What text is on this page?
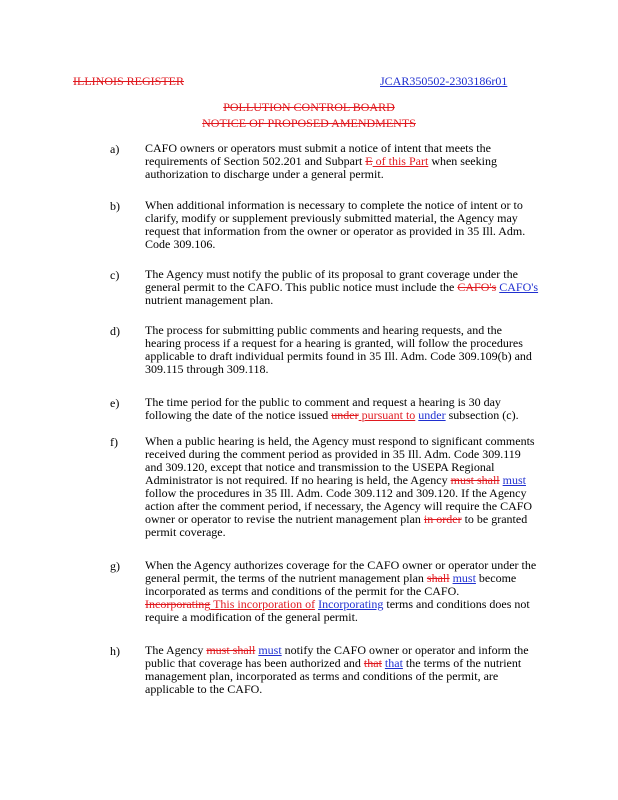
ILLINOIS REGISTER	JCAR350502-2303186r01
POLLUTION CONTROL BOARD
NOTICE OF PROPOSED AMENDMENTS
a) CAFO owners or operators must submit a notice of intent that meets the
requirements of Section 502.201 and Subpart E of this Part when seeking
authorization to discharge under a general permit.
b) When additional information is necessary to complete the notice of intent or to
clarify, modify or supplement previously submitted material, the Agency may
request that information from the owner or operator as provided in 35 Ill. Adm.
Code 309.106.
c) The Agency must notify the public of its proposal to grant coverage under the
general permit to the CAFO. This public notice must include the CAFO's CAFO's
nutrient management plan.
d) The process for submitting public comments and hearing requests, and the
hearing process if a request for a hearing is granted, will follow the procedures
applicable to draft individual permits found in 35 Ill. Adm. Code 309.109(b) and
309.115 through 309.118.
e) The time period for the public to comment and request a hearing is 30 day
following the date of the notice issued under pursuant to under subsection (c).
f) When a public hearing is held, the Agency must respond to significant comments
received during the comment period as provided in 35 Ill. Adm. Code 309.119
and 309.120, except that notice and transmission to the USEPA Regional
Administrator is not required. If no hearing is held, the Agency must shall must
follow the procedures in 35 Ill. Adm. Code 309.112 and 309.120. If the Agency
action after the comment period, if necessary, the Agency will require the CAFO
owner or operator to revise the nutrient management plan in order to be granted
permit coverage.
g) When the Agency authorizes coverage for the CAFO owner or operator under the
general permit, the terms of the nutrient management plan shall must become
incorporated as terms and conditions of the permit for the CAFO.
Incorporating This incorporation of Incorporating terms and conditions does not
require a modification of the general permit.
h) The Agency must shall must notify the CAFO owner or operator and inform the
public that coverage has been authorized and that that the terms of the nutrient
management plan, incorporated as terms and conditions of the permit, are
applicable to the CAFO.
